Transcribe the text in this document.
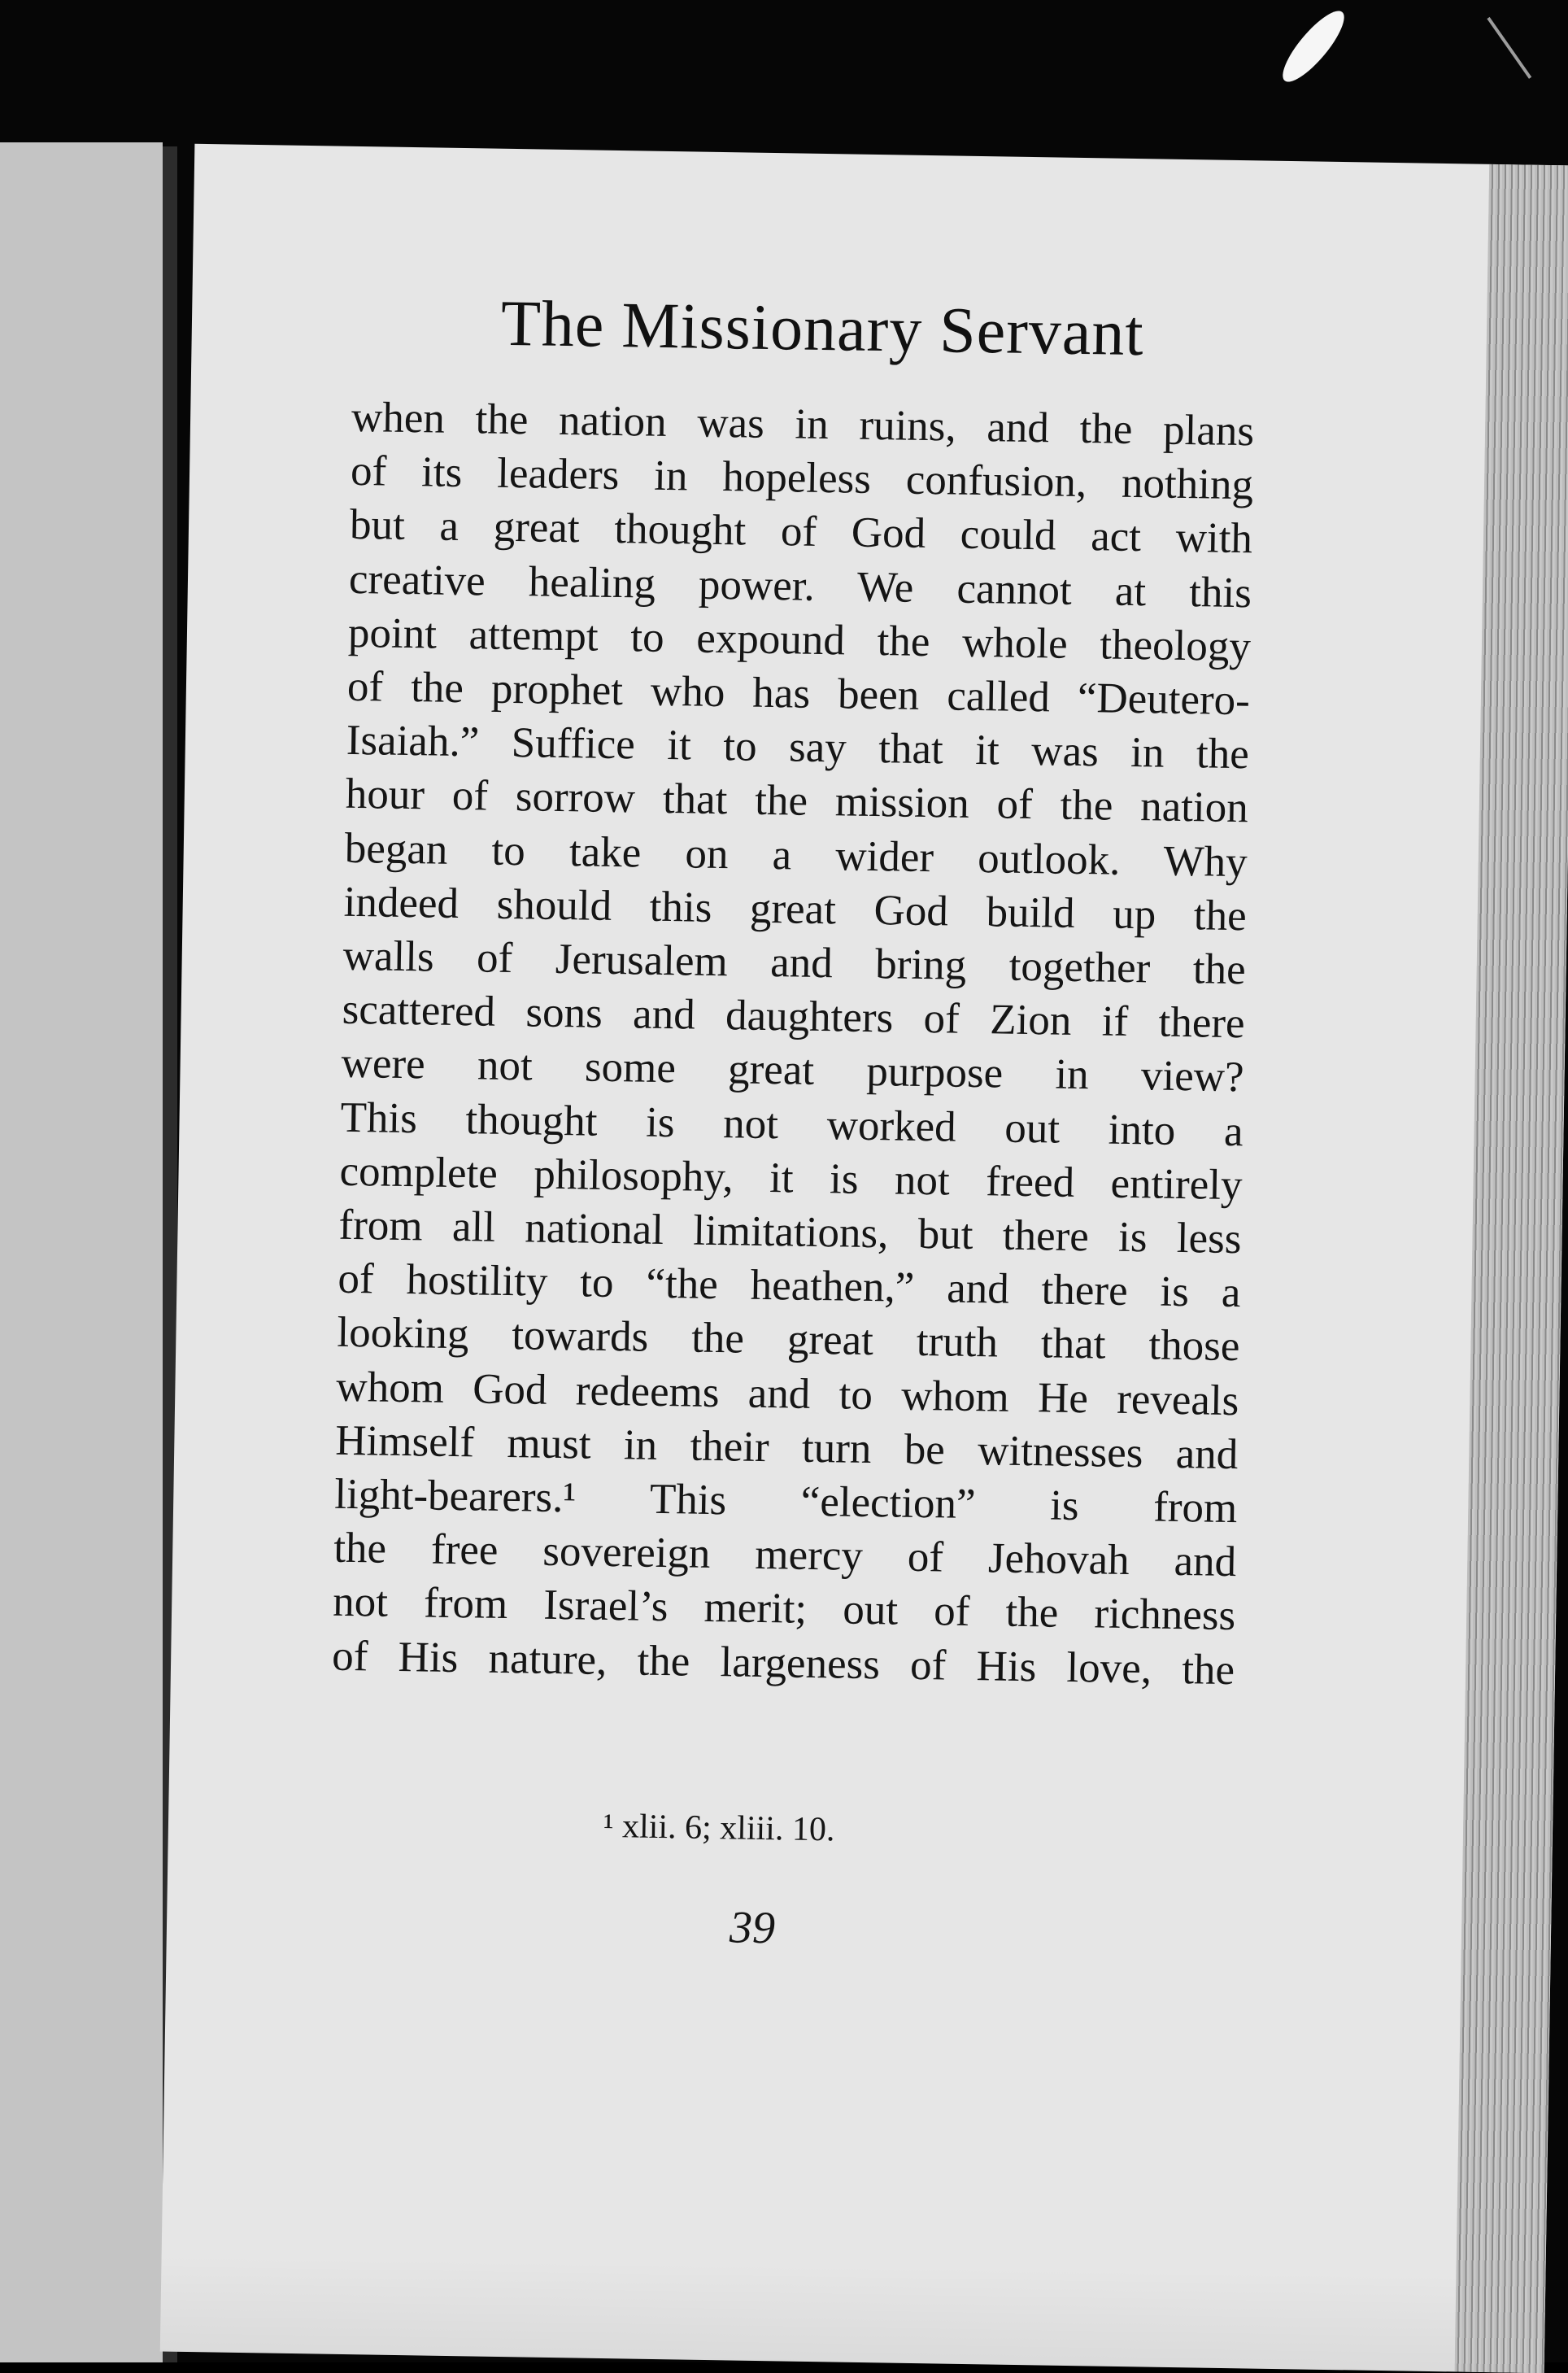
The Missionary Servant
when the nation was in ruins, and the plans
of its leaders in hopeless confusion, nothing
but a great thought of God could act with
creative healing power. We cannot at this
point attempt to expound the whole theology
of the prophet who has been called “Deutero-
Isaiah.” Suffice it to say that it was in the
hour of sorrow that the mission of the nation
began to take on a wider outlook. Why
indeed should this great God build up the
walls of Jerusalem and bring together the
scattered sons and daughters of Zion if there
were not some great purpose in view?
This thought is not worked out into a
complete philosophy, it is not freed entirely
from all national limitations, but there is less
of hostility to “the heathen,” and there is a
looking towards the great truth that those
whom God redeems and to whom He reveals
Himself must in their turn be witnesses and
light-bearers.¹ This “election” is from
the free sovereign mercy of Jehovah and
not from Israel’s merit; out of the richness
of His nature, the largeness of His love, the
¹ xlii. 6; xliii. 10.
39
